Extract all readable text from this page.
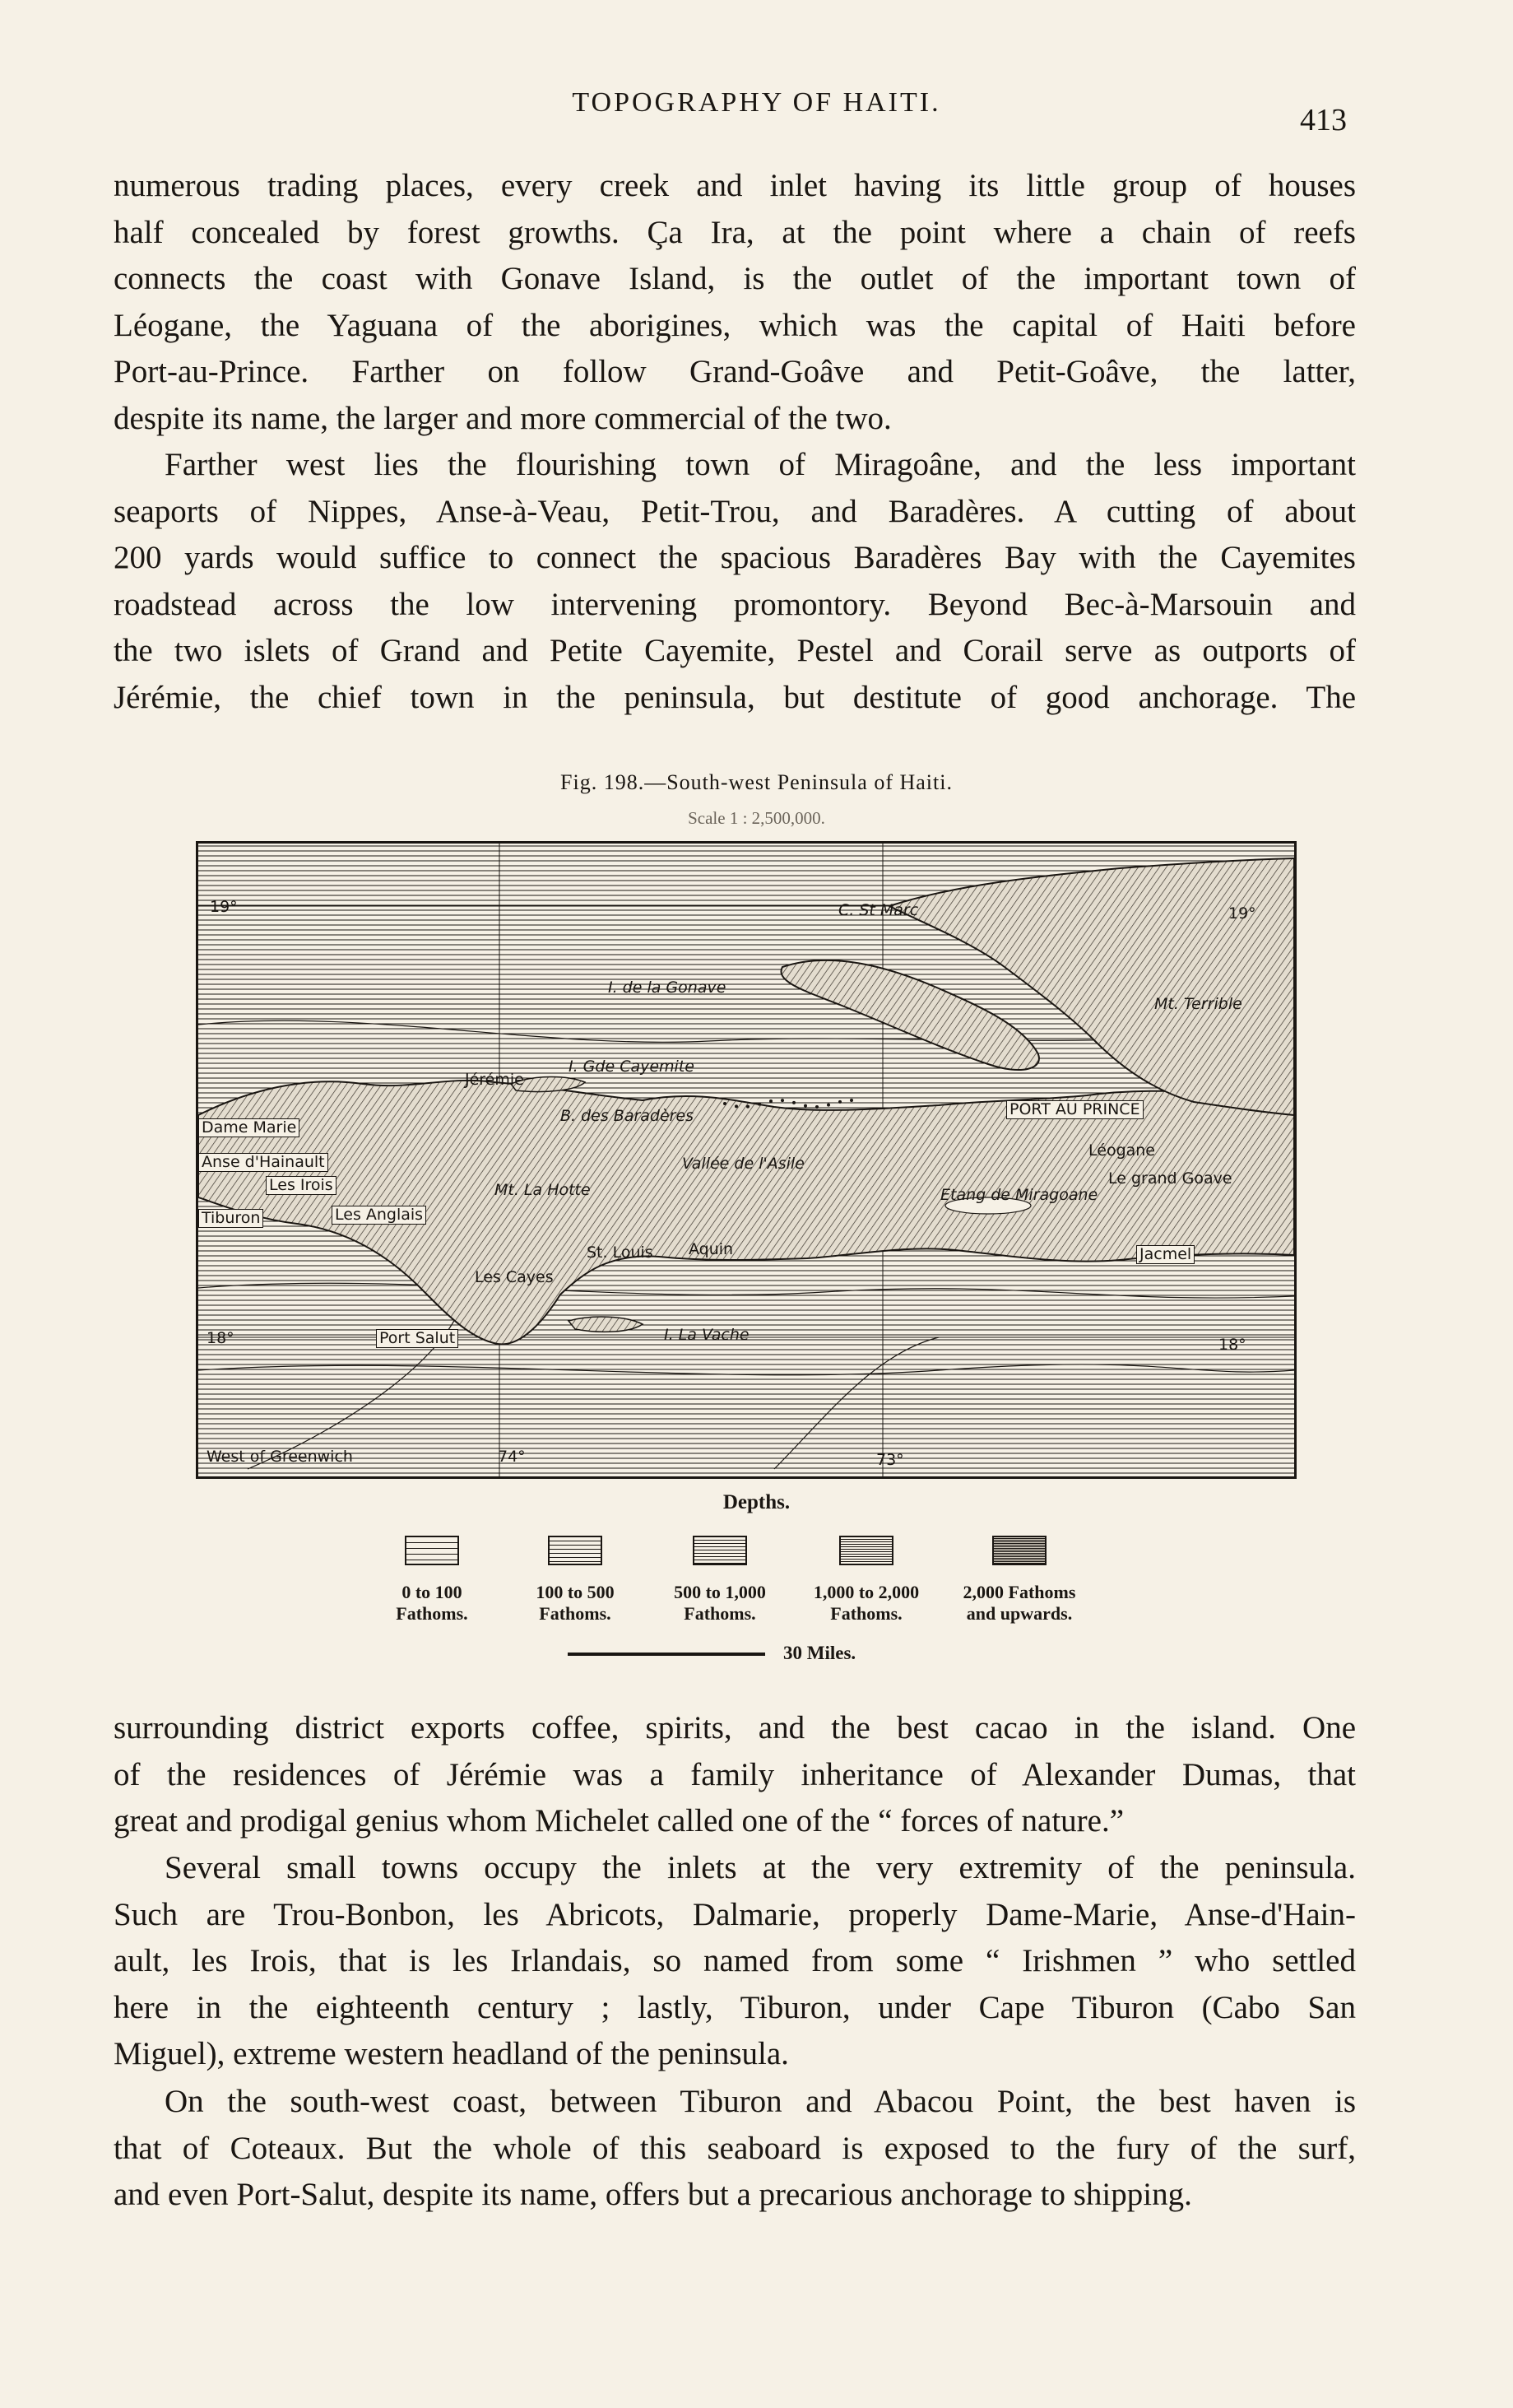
TOPOGRAPHY OF HAITI.
413

numerous trading places, every creek and inlet having its little group of houses
half concealed by forest growths. Ça Ira, at the point where a chain of reefs
connects the coast with Gonave Island, is the outlet of the important town of
Léogane, the Yaguana of the aborigines, which was the capital of Haiti before
Port-au-Prince. Farther on follow Grand-Goâve and Petit-Goâve, the latter,
despite its name, the larger and more commercial of the two.

Farther west lies the flourishing town of Miragoâne, and the less important
seaports of Nippes, Anse-à-Veau, Petit-Trou, and Baradères. A cutting of about
200 yards would suffice to connect the spacious Baradères Bay with the Cayemites
roadstead across the low intervening promontory. Beyond Bec-à-Marsouin and
the two islets of Grand and Petite Cayemite, Pestel and Corail serve as outports of
Jérémie, the chief town in the peninsula, but destitute of good anchorage. The

Fig. 198.—South-west Peninsula of Haiti.
Scale 1 : 2,500,000.
19°	19°
18°	18°
West of Greenwich	74°	73°
C. St Marc
I. de la Gonave
Mt. Terrible
I. Gde Cayemite
Jérémie
B. des Baradères	PORT AU PRINCE
Dame Marie
Anse d'Hainault
Les Irois
Vallée de l'Asile
Léogane
Mt. La Hotte
Le grand Goave
Tiburon
Etang de Miragoane
Les Anglais
St. Louis Aquin	Jacmel
Les Cayes
Port Salut	I. La Vache
Depths.
0 to 100
Fathoms.
100 to 500
Fathoms.
500 to 1,000
Fathoms.
1,000 to 2,000
Fathoms.
2,000 Fathoms
and upwards.
30 Miles.

surrounding district exports coffee, spirits, and the best cacao in the island. One
of the residences of Jérémie was a family inheritance of Alexander Dumas, that
great and prodigal genius whom Michelet called one of the “ forces of nature.”

Several small towns occupy the inlets at the very extremity of the peninsula.
Such are Trou-Bonbon, les Abricots, Dalmarie, properly Dame-Marie, Anse-d'Hain-
ault, les Irois, that is les Irlandais, so named from some “ Irishmen ” who settled
here in the eighteenth century ; lastly, Tiburon, under Cape Tiburon (Cabo San
Miguel), extreme western headland of the peninsula.

On the south-west coast, between Tiburon and Abacou Point, the best haven is
that of Coteaux. But the whole of this seaboard is exposed to the fury of the surf,
and even Port-Salut, despite its name, offers but a precarious anchorage to shipping.
